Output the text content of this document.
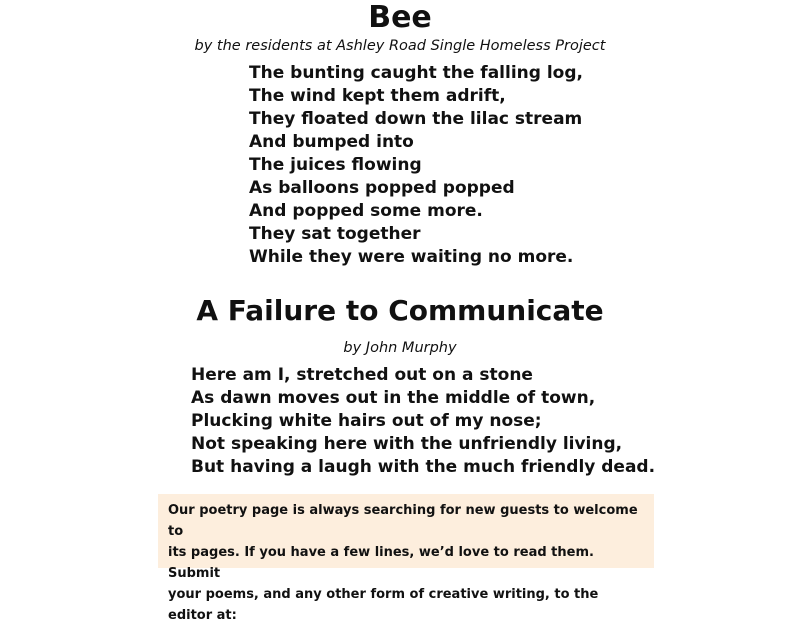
Bee

by the residents at Ashley Road Single Homeless Project

The bunting caught the falling log,
The wind kept them adrift,
They floated down the lilac stream
And bumped into
The juices flowing
As balloons popped popped
And popped some more.
They sat together
While they were waiting no more.
A Failure to Communicate

by John Murphy

Here am I, stretched out on a stone
As dawn moves out in the middle of town,
Plucking white hairs out of my nose;
Not speaking here with the unfriendly living,
But having a laugh with the much friendly dead.

Our poetry page is always searching for new guests to welcome to

its pages. If you have a few lines, we’d love to read them. Submit

your poems, and any other form of creative writing, to the editor at:
